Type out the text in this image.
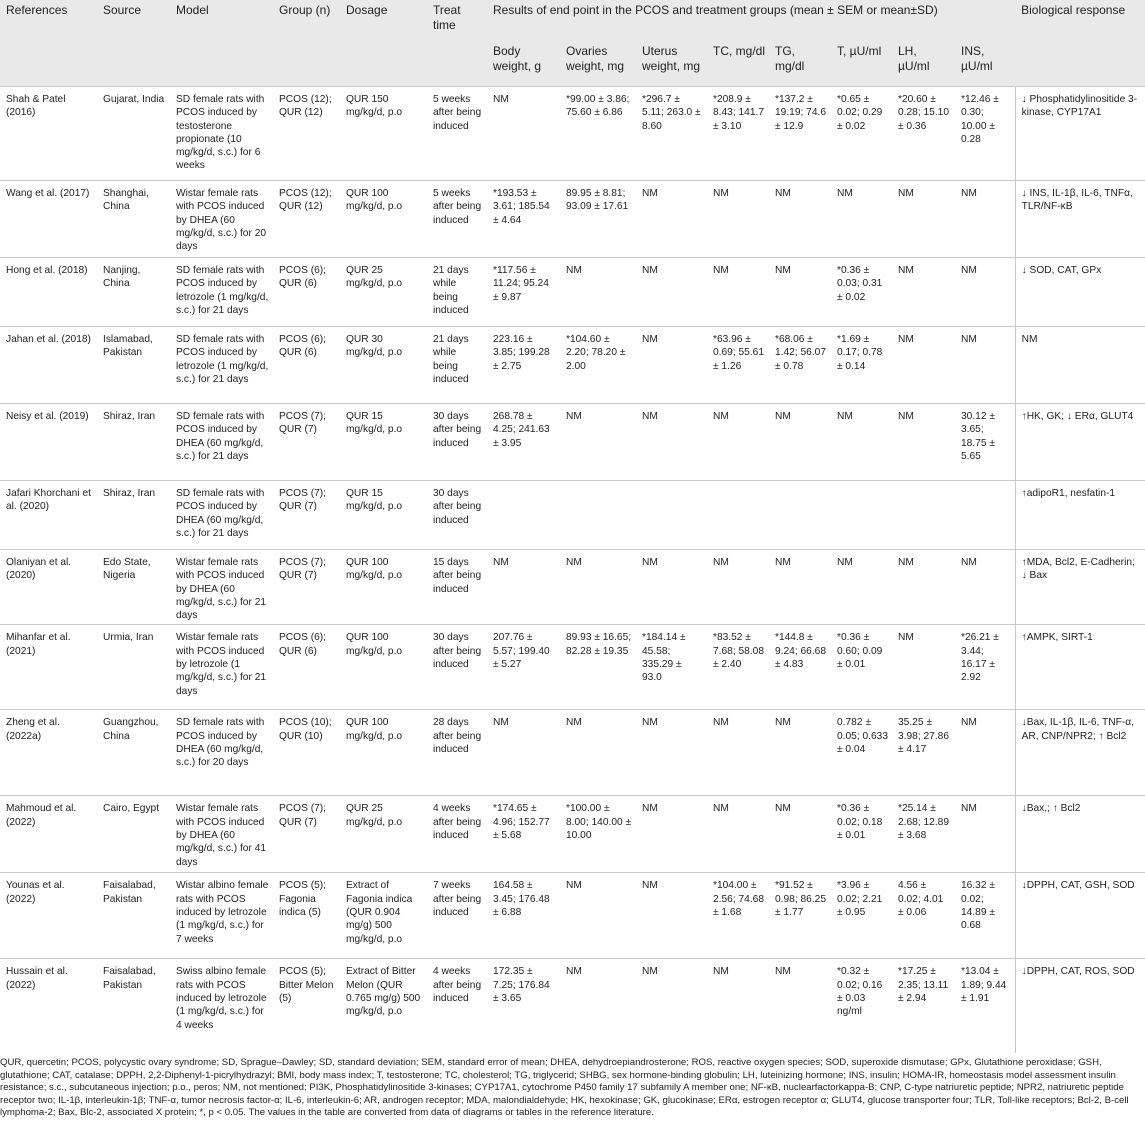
References	Source	Model	Group (n)	Dosage	Treat time	Results of end point in the PCOS and treatment groups (mean ± SEM or mean±SD)								Biological response
						Body weight, g	Ovaries weight, mg	Uterus weight, mg	TC, mg/dl	TG, mg/dl	T, µU/ml	LH, µU/ml	INS, µU/ml	
Shah & Patel (2016)	Gujarat, India	SD female rats with PCOS induced by testosterone propionate (10 mg/kg/d, s.c.) for 6 weeks	PCOS (12); QUR (12)	QUR 150 mg/kg/d, p.o	5 weeks after being induced	NM	*99.00 ± 3.86; 75.60 ± 6.86	*296.7 ± 5.11; 263.0 ± 8.60	*208.9 ± 8.43; 141.7 ± 3.10	*137.2 ± 19.19; 74.6 ± 12.9	*0.65 ± 0.02; 0.29 ± 0.02	*20.60 ± 0.28; 15.10 ± 0.36	*12.46 ± 0.30; 10.00 ± 0.28	↓ Phosphatidylinositide 3-kinase, CYP17A1
Wang et al. (2017)	Shanghai, China	Wistar female rats with PCOS induced by DHEA (60 mg/kg/d, s.c.) for 20 days	PCOS (12); QUR (12)	QUR 100 mg/kg/d, p.o	5 weeks after being induced	*193.53 ± 3.61; 185.54 ± 4.64	89.95 ± 8.81; 93.09 ± 17.61	NM	NM	NM	NM	NM	NM	↓ INS, IL-1β, IL-6, TNFα, TLR/NF-κB
Hong et al. (2018)	Nanjing, China	SD female rats with PCOS induced by letrozole (1 mg/kg/d, s.c.) for 21 days	PCOS (6); QUR (6)	QUR 25 mg/kg/d, p.o	21 days while being induced	*117.56 ± 11.24; 95.24 ± 9.87	NM	NM	NM	NM	*0.36 ± 0.03; 0.31 ± 0.02	NM	NM	↓ SOD, CAT, GPx
Jahan et al. (2018)	Islamabad, Pakistan	SD female rats with PCOS induced by letrozole (1 mg/kg/d, s.c.) for 21 days	PCOS (6); QUR (6)	QUR 30 mg/kg/d, p.o	21 days while being induced	223.16 ± 3.85; 199.28 ± 2.75	*104.60 ± 2.20; 78.20 ± 2.00	NM	*63.96 ± 0.69; 55.61 ± 1.26	*68.06 ± 1.42; 56.07 ± 0.78	*1.69 ± 0.17; 0.78 ± 0.14	NM	NM	NM
Neisy et al. (2019)	Shiraz, Iran	SD female rats with PCOS induced by DHEA (60 mg/kg/d, s.c.) for 21 days	PCOS (7); QUR (7)	QUR 15 mg/kg/d, p.o	30 days after being induced	268.78 ± 4.25; 241.63 ± 3.95	NM	NM	NM	NM	NM	NM	30.12 ± 3.65; 18.75 ± 5.65	↑HK, GK; ↓ ERα, GLUT4
Jafari Khorchani et al. (2020)	Shiraz, Iran	SD female rats with PCOS induced by DHEA (60 mg/kg/d, s.c.) for 21 days	PCOS (7); QUR (7)	QUR 15 mg/kg/d, p.o	30 days after being induced									↑adipoR1, nesfatin-1
Olaniyan et al. (2020)	Edo State, Nigeria	Wistar female rats with PCOS induced by DHEA (60 mg/kg/d, s.c.) for 21 days	PCOS (7); QUR (7)	QUR 100 mg/kg/d, p.o	15 days after being induced	NM	NM	NM	NM	NM	NM	NM	NM	↑MDA, Bcl2, E-Cadherin; ↓ Bax
Mihanfar et al. (2021)	Urmia, Iran	Wistar female rats with PCOS induced by letrozole (1 mg/kg/d, s.c.) for 21 days	PCOS (6); QUR (6)	QUR 100 mg/kg/d, p.o	30 days after being induced	207.76 ± 5.57; 199.40 ± 5.27	89.93 ± 16.65; 82.28 ± 19.35	*184.14 ± 45.58; 335.29 ± 93.0	*83.52 ± 7.68; 58.08 ± 2.40	*144.8 ± 9.24; 66.68 ± 4.83	*0.36 ± 0.60; 0.09 ± 0.01	NM	*26.21 ± 3.44; 16.17 ± 2.92	↑AMPK, SIRT-1
Zheng et al. (2022a)	Guangzhou, China	SD female rats with PCOS induced by DHEA (60 mg/kg/d, s.c.) for 20 days	PCOS (10); QUR (10)	QUR 100 mg/kg/d, p.o	28 days after being induced	NM	NM	NM	NM	NM	0.782 ± 0.05; 0.633 ± 0.04	35.25 ± 3.98; 27.86 ± 4.17	NM	↓Bax, IL-1β, IL-6, TNF-α, AR, CNP/NPR2; ↑ Bcl2
Mahmoud et al. (2022)	Cairo, Egypt	Wistar female rats with PCOS induced by DHEA (60 mg/kg/d, s.c.) for 41 days	PCOS (7); QUR (7)	QUR 25 mg/kg/d, p.o	4 weeks after being induced	*174.65 ± 4.96; 152.77 ± 5.68	*100.00 ± 8.00; 140.00 ± 10.00	NM	NM	NM	*0.36 ± 0.02; 0.18 ± 0.01	*25.14 ± 2.68; 12.89 ± 3.68	NM	↓Bax,; ↑ Bcl2
Younas et al. (2022)	Faisalabad, Pakistan	Wistar albino female rats with PCOS induced by letrozole (1 mg/kg/d, s.c.) for 7 weeks	PCOS (5); Fagonia indica (5)	Extract of Fagonia indica (QUR 0.904 mg/g) 500 mg/kg/d, p.o	7 weeks after being induced	164.58 ± 3.45; 176.48 ± 6.88	NM	NM	*104.00 ± 2.56; 74.68 ± 1.68	*91.52 ± 0.98; 86.25 ± 1.77	*3.96 ± 0.02; 2.21 ± 0.95	4.56 ± 0.02; 4.01 ± 0.06	16.32 ± 0.02; 14.89 ± 0.68	↓DPPH, CAT, GSH, SOD
Hussain et al. (2022)	Faisalabad, Pakistan	Swiss albino female rats with PCOS induced by letrozole (1 mg/kg/d, s.c.) for 4 weeks	PCOS (5); Bitter Melon (5)	Extract of Bitter Melon (QUR 0.765 mg/g) 500 mg/kg/d, p.o	4 weeks after being induced	172.35 ± 7.25; 176.84 ± 3.65	NM	NM	NM	NM	*0.32 ± 0.02; 0.16 ± 0.03 ng/ml	*17.25 ± 2.35; 13.11 ± 2.94	*13.04 ± 1.89; 9.44 ± 1.91	↓DPPH, CAT, ROS, SOD
QUR, quercetin; PCOS, polycystic ovary syndrome; SD, Sprague–Dawley; SD, standard deviation; SEM, standard error of mean; DHEA, dehydroepiandrosterone; ROS, reactive oxygen species; SOD, superoxide dismutase; GPx, Glutathione peroxidase; GSH, glutathione; CAT, catalase; DPPH, 2,2-Diphenyl-1-picrylhydrazyl; BMI, body mass index; T, testosterone; TC, cholesterol; TG, triglycerid; SHBG, sex hormone-binding globulin; LH, luteinizing hormone; INS, insulin; HOMA-IR, homeostasis model assessment insulin resistance; s.c., subcutaneous injection; p.o., peros; NM, not mentioned; PI3K, Phosphatidylinositide 3-kinases; CYP17A1, cytochrome P450 family 17 subfamily A member one; NF-κB, nuclearfactorkappa-B; CNP, C-type natriuretic peptide; NPR2, natriuretic peptide receptor two; IL-1β, interleukin-1β; TNF-α, tumor necrosis factor-α; IL-6, interleukin-6; AR, androgen receptor; MDA, malondialdehyde; HK, hexokinase; GK, glucokinase; ERα, estrogen receptor α; GLUT4, glucose transporter four; TLR, Toll-like receptors; Bcl-2, B-cell lymphoma-2; Bax, Blc-2, associated X protein; *, p < 0.05. The values in the table are converted from data of diagrams or tables in the reference literature.
